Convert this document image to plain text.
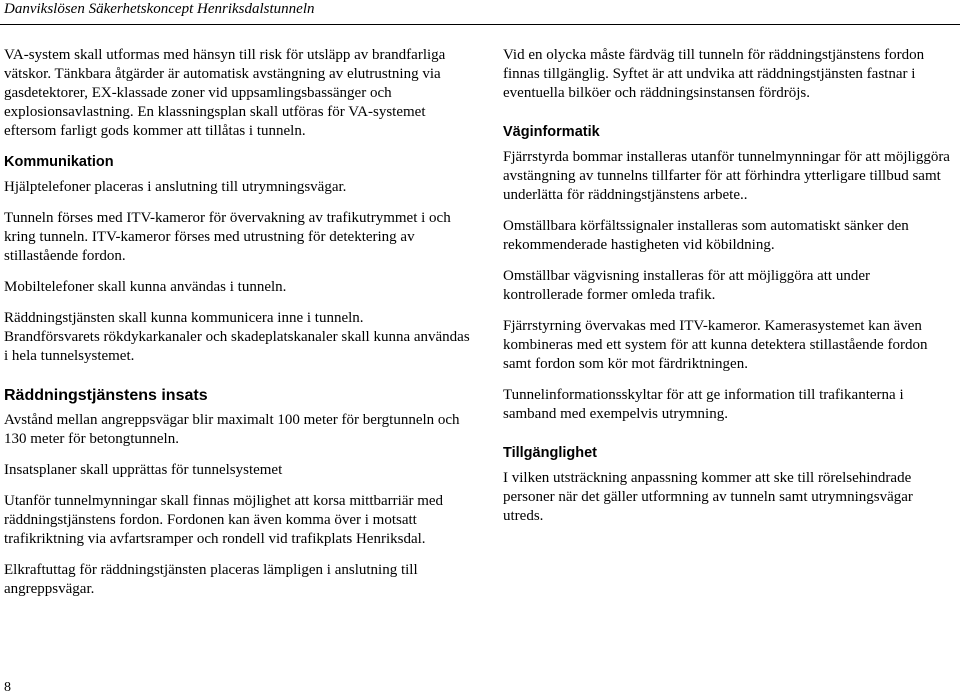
Danvikslösen Säkerhetskoncept Henriksdalstunneln

VA-system skall utformas med hänsyn till risk för utsläpp av brandfarliga vätskor. Tänkbara åtgärder är automatisk avstängning av elutrustning via gasdetektorer, EX-klassade zoner vid uppsamlingsbassänger och explosionsavlastning. En klassningsplan skall utföras för VA-systemet eftersom farligt gods kommer att tillåtas i tunneln.

Kommunikation

Hjälptelefoner placeras i anslutning till utrymningsvägar.

Tunneln förses med ITV-kameror för övervakning av trafikutrymmet i och kring tunneln. ITV-kameror förses med utrustning för detektering av stillastående fordon.

Mobiltelefoner skall kunna användas i tunneln.

Räddningstjänsten skall kunna kommunicera inne i tunneln.

Brandförsvarets rökdykarkanaler och skadeplatskanaler skall kunna användas i hela tunnelsystemet.

Räddningstjänstens insats

Avstånd mellan angreppsvägar blir maximalt 100 meter för bergtunneln och 130 meter för betongtunneln.

Insatsplaner skall upprättas för tunnelsystemet

Utanför tunnelmynningar skall finnas möjlighet att korsa mittbarriär med räddningstjänstens fordon. Fordonen kan även komma över i motsatt trafikriktning via avfartsramper och rondell vid trafikplats Henriksdal.

Elkraftuttag för räddningstjänsten placeras lämpligen i anslutning till angreppsvägar.

Vid en olycka måste färdväg till tunneln för räddningstjänstens fordon finnas tillgänglig. Syftet är att undvika att räddningstjänsten fastnar i eventuella bilköer och räddningsinstansen fördröjs.

Väginformatik

Fjärrstyrda bommar installeras utanför tunnelmynningar för att möjliggöra avstängning av tunnelns tillfarter för att förhindra ytterligare tillbud samt underlätta för räddningstjänstens arbete..

Omställbara körfältssignaler installeras som automatiskt sänker den rekommenderade hastigheten vid köbildning.

Omställbar vägvisning installeras för att möjliggöra att under kontrollerade former omleda trafik.

Fjärrstyrning övervakas med ITV-kameror. Kamerasystemet kan även kombineras med ett system för att kunna detektera stillastående fordon samt fordon som kör mot färdriktningen.

Tunnelinformationsskyltar för att ge information till trafikanterna i samband med exempelvis utrymning.

Tillgänglighet

I vilken utsträckning anpassning kommer att ske till rörelsehindrade personer när det gäller utformning av tunneln samt utrymningsvägar utreds.

8
